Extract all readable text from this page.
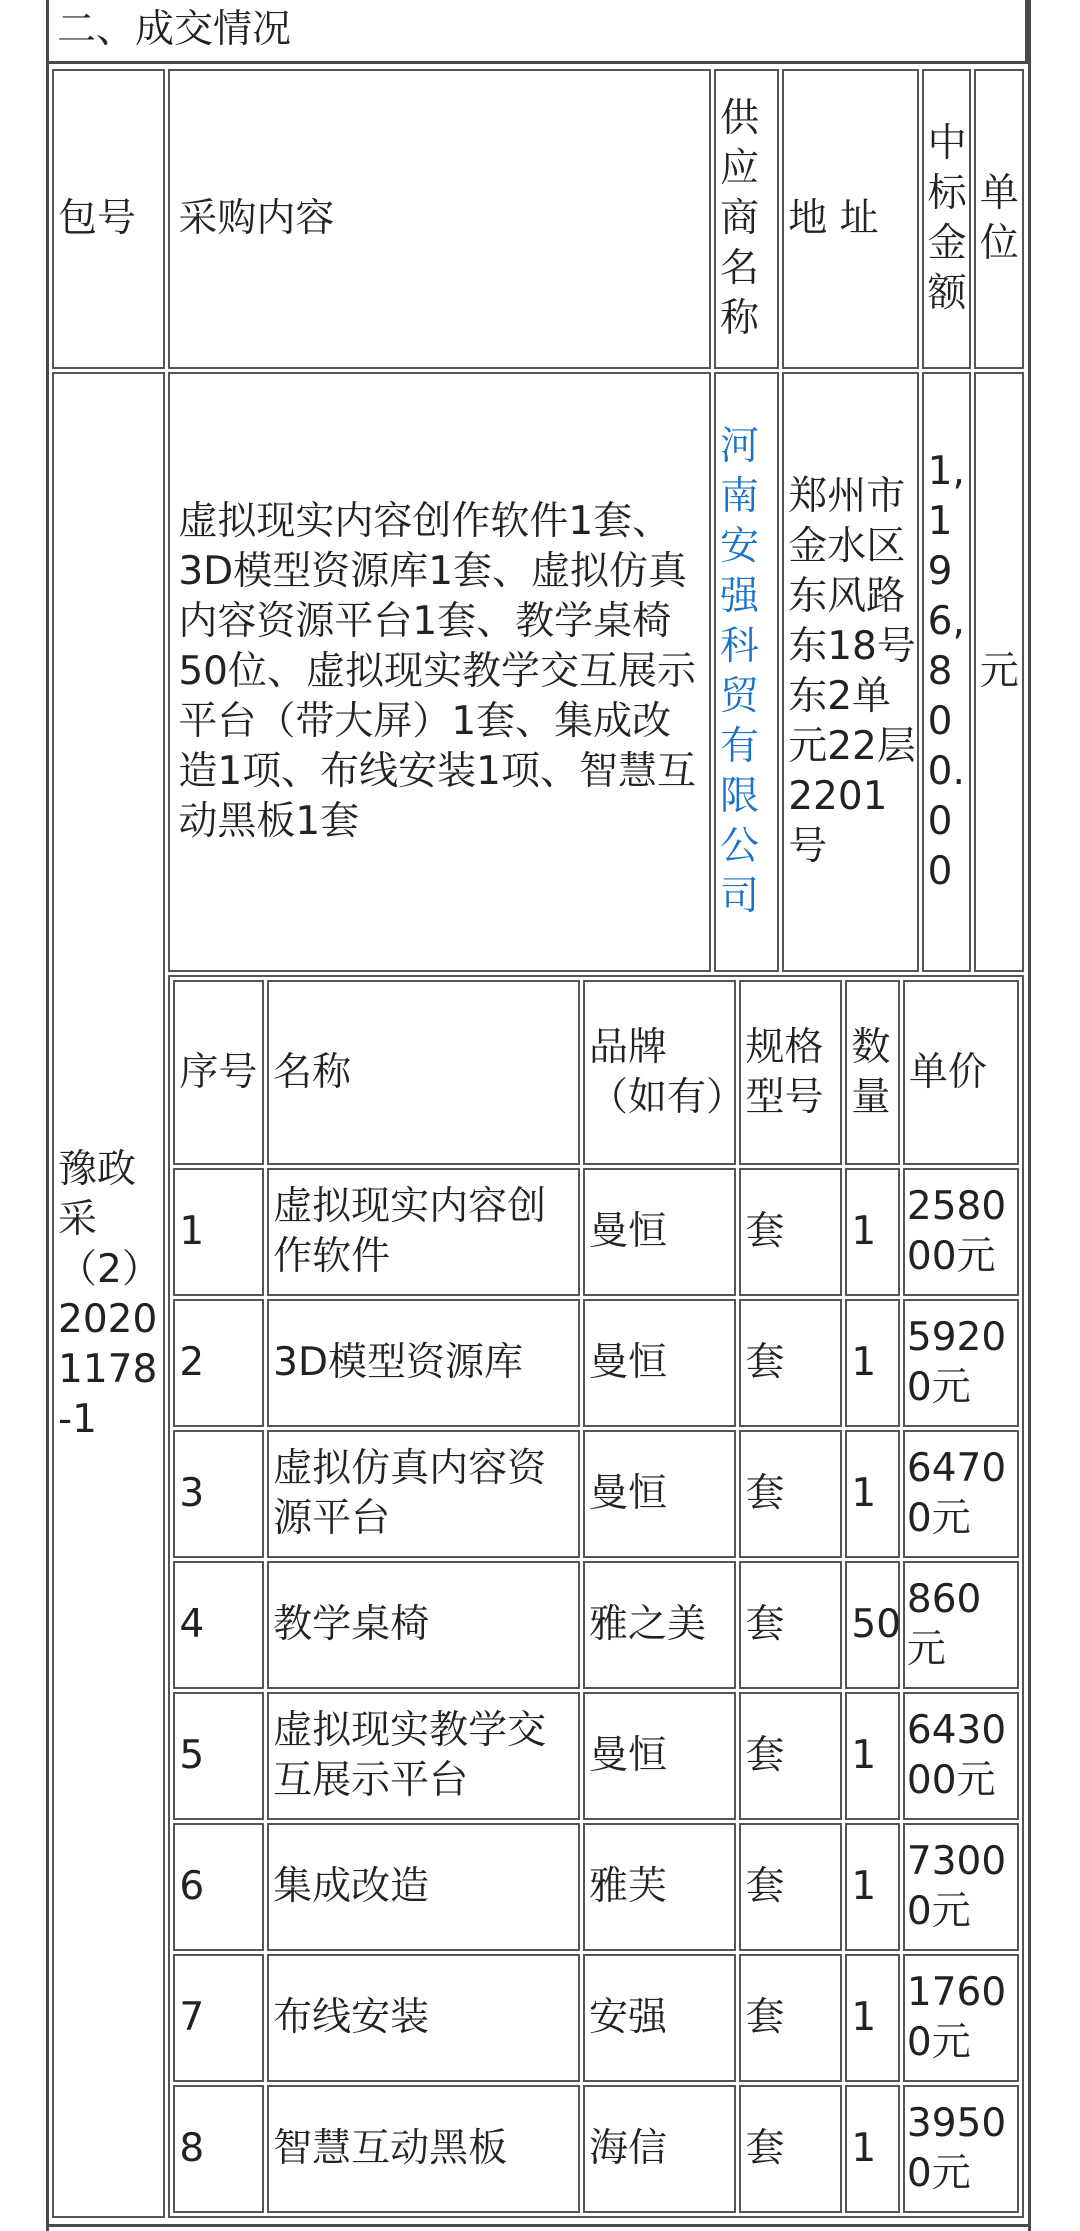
二、成交情况
包号	采购内容	供应商名称	地 址	中标金额	单位
豫政采（2）20201178-1	虚拟现实内容创作软件1套、3D模型资源库1套、虚拟仿真内容资源平台1套、教学桌椅50位、虚拟现实教学交互展示平台（带大屏）1套、集成改造1项、布线安装1项、智慧互动黑板1套	河南安强科贸有限公司	郑州市金水区东风路东18号东2单元22层2201号	1,196,800.00	元

序号	名称	品牌（如有）	规格型号	数量	单价
1	虚拟现实内容创作软件	曼恒	套	1	258000元
2	3D模型资源库	曼恒	套	1	59200元
3	虚拟仿真内容资源平台	曼恒	套	1	64700元
4	教学桌椅	雅之美	套	50	860元
5	虚拟现实教学交互展示平台	曼恒	套	1	643000元
6	集成改造	雅芙	套	1	73000元
7	布线安装	安强	套	1	17600元
8	智慧互动黑板	海信	套	1	39500元
